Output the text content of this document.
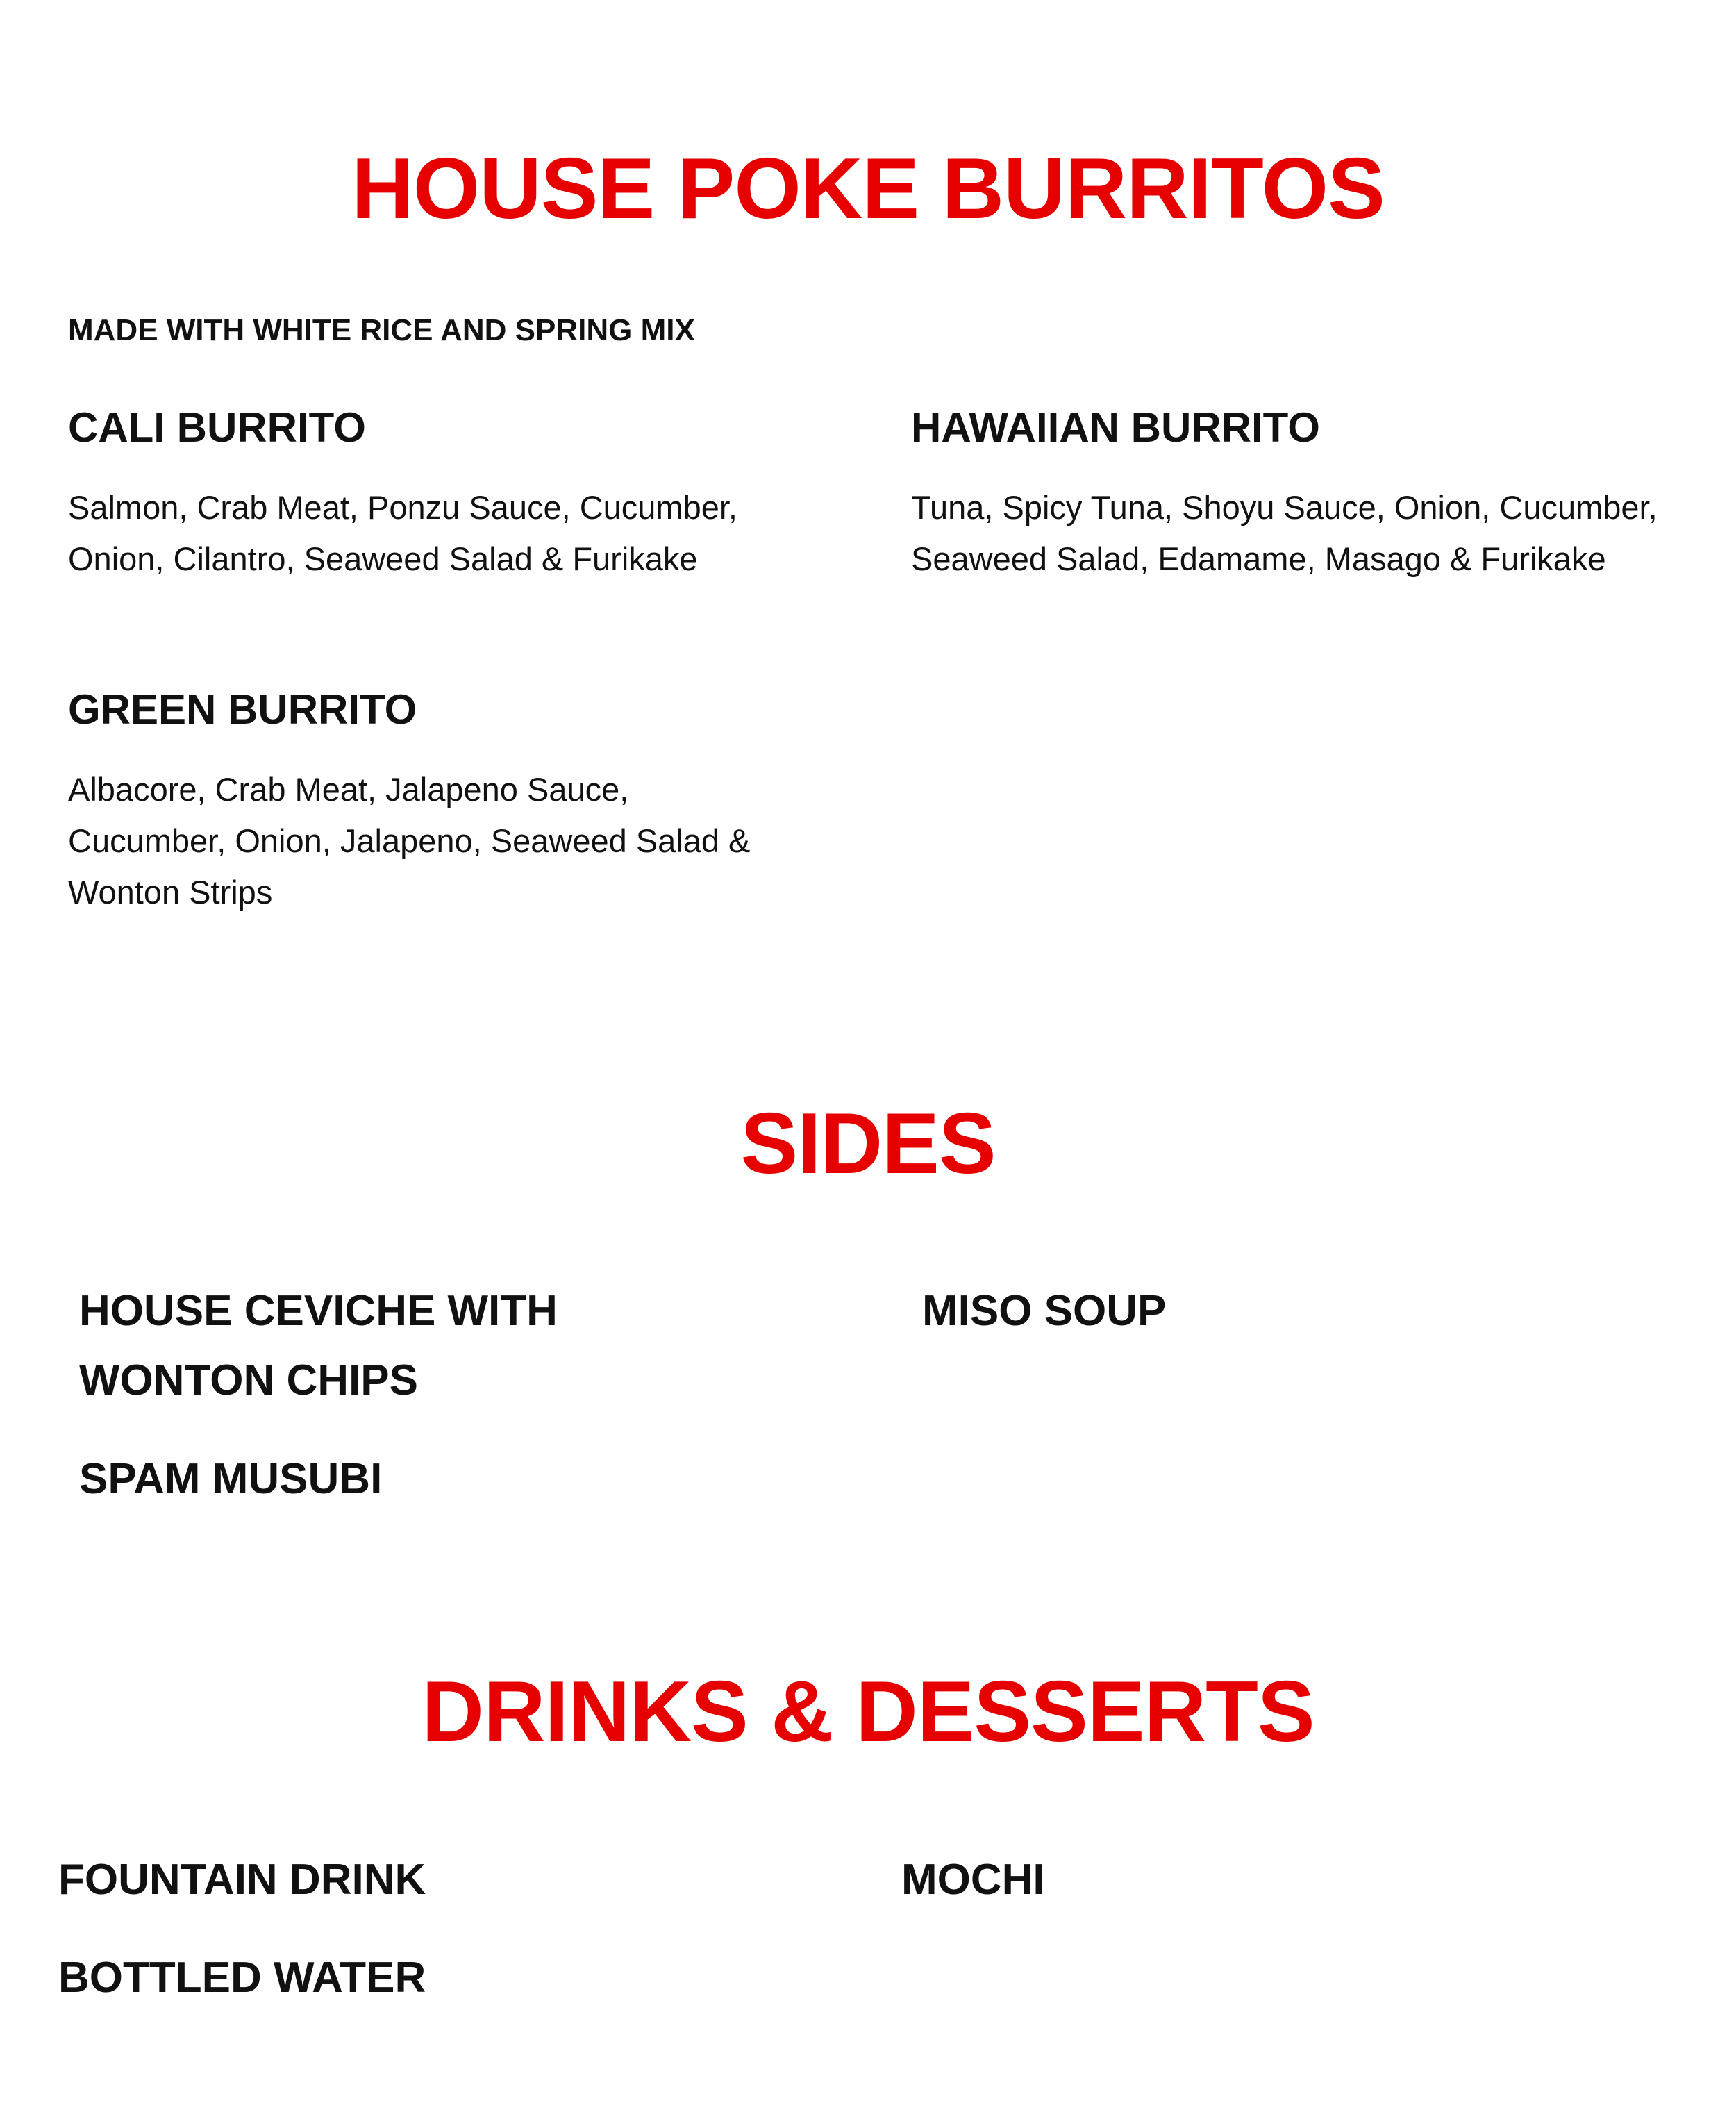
HOUSE POKE BURRITOS
MADE WITH WHITE RICE AND SPRING MIX
CALI BURRITO
Salmon, Crab Meat, Ponzu Sauce, Cucumber, Onion, Cilantro, Seaweed Salad & Furikake
HAWAIIAN BURRITO
Tuna, Spicy Tuna, Shoyu Sauce, Onion, Cucumber, Seaweed Salad, Edamame, Masago & Furikake
GREEN BURRITO
Albacore, Crab Meat, Jalapeno Sauce, Cucumber, Onion, Jalapeno, Seaweed Salad & Wonton Strips
SIDES
HOUSE CEVICHE WITH WONTON CHIPS
MISO SOUP
SPAM MUSUBI
DRINKS & DESSERTS
FOUNTAIN DRINK	MOCHI
BOTTLED WATER
